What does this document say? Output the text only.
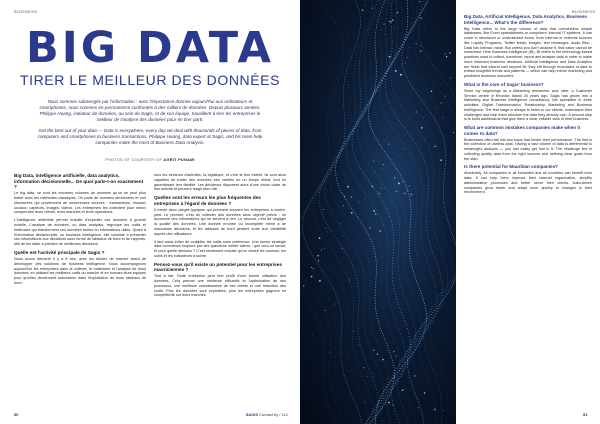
BUSINESS
BIG DATA
TIRER LE MEILLEUR DES DONNÉES

Nous sommes submergés par l'information : avec l'importance donnée aujourd'hui aux ordinateurs et smartphones, nous sommes en permanence confrontés à des milliers de données. Depuis plusieurs années, Philippe Huang, initiateur de données, au sein de Sagis, et de son équipe, travaillent à tirer les entreprises le meilleur de l'analyse des données pour en tirer parti.

Get the best out of your data — Data is everywhere; every day we deal with thousands of pieces of data, from computers and smartphones to business transactions. Philippe Huang, data expert at Sagis, and his team help companies make the most of Business Data Analysis.

PHOTOS OF COURTESY OF AGRIT PUNAMI
Big Data, intelligence artificielle, data analytics, information décisionnelle... De quoi parle-t-on exactement ?

Le big data, ce sont les énormes volumes de données qu'on ne peut plus traiter avec les méthodes classiques. On parle de données structurées et non structurées qui proviennent de nombreuses sources : transactions, réseaux sociaux, capteurs, images, vidéos. Les entreprises les collectent pour mieux comprendre leurs clients, leurs marchés et leurs opérations.

L'intelligence artificielle permet ensuite d'exploiter ces données à grande échelle. L'analyse de données, ou data analytics, regroupe les outils et méthodes qui transforment ces données brutes en informations utiles. Quant à l'information décisionnelle, ou business intelligence, elle consiste à présenter ces informations aux décideurs sous forme de tableaux de bord et de rapports, afin de les aider à prendre de meilleures décisions.

Quelle est l'activité principale de Sagis ?

Nous avons démarré il y a 8 ans, avec les études de marché avant de développer des solutions de business intelligence. Nous accompagnons aujourd'hui les entreprises dans la collecte, le traitement et l'analyse de leurs données, en utilisant les meilleurs outils du marché et en formant leurs équipes pour qu'elles deviennent autonomes dans l'exploitation de leurs tableaux de bord.

tous les secteurs d'activités, la logistique, et c'est là leur intérêt. Ils sont ainsi capables de traiter des données très variées en un temps réduit, tout en garantissant leur fiabilité. Les décideurs disposent alors d'une vision claire de leur activité et peuvent réagir plus vite.

Quelles sont les erreurs les plus fréquentes des entreprises à l'égard de données ?

Il existe deux pièges typiques qui prennent souvent les entreprises à contre-pied. Le premier, c'est de collecter des données sans objectif précis : on accumule des informations qui ne servent à rien. Le second, c'est de négliger la qualité des données. Une donnée erronée ou incomplète mène à de mauvaises décisions, et les tableaux de bord perdent toute leur crédibilité auprès des utilisateurs.

Il faut aussi éviter de multiplier les outils sans cohérence. Une bonne stratégie data commence toujours par des questions métier claires : que veut-on savoir, et pour quelle décision ? C'est seulement ensuite qu'on choisit les sources, les outils et les indicateurs à suivre.

Pensez-vous qu'il existe un potentiel pour les entreprises mauriciennes ?

Tout à fait. Toute entreprise peut tirer profit d'une bonne utilisation des données. Cela permet une meilleure efficacité et l'optimisation de ses processus, une meilleure connaissance de ses clients et une réduction des coûts. Plus les données sont exploitées, plus les entreprises gagnent en compétitivité sur leurs marchés.

50	SAGIS Contact by / 112
BUSINESS
Big Data, Artificial Intelligence, Data Analytics, Business Intelligence... What's the difference?

Big Data refers to the large volume of data that overwhelms simple databases, like Excel spreadsheets or computers' internal IT systems. It can come in structured or unstructured forms, from internal or external sources like Loyalty Programs, Twitter feeds, images, text messages, audio files... Data has intrinsic value. But unless you don't analyse it, that value cannot be unearthed. Here Business Intelligence (BI), BI refers to the technology-based practices used to collect, transform, report and analyse data in order to make more informed business decisions. Artificial Intelligence and Data Analytics are fields that extend well beyond BI: they sift through mountains of data to extract insightful trends and patterns — which can help inform marketing and predictive business outcomes.

What is the core of Sagis' business?

Since my beginnings as a Marketing researcher and, later, a Customer Service centre in Reunion Island 20 years ago, Sagis has grown into a Marketing and Business Intelligence consultancy. We specialise in three activities: Digital Transformation, Relationship Marketing and Business Intelligence. The first stage is always to listen to our clients, understand their challenges and help them structure the data they already own. A second step is to build dashboards that give them a clear, reliable view of their business.

What are common mistakes companies make when it comes to data?

Businesses often fall into two traps that hinder their performance. The first is the collection of useless data. Having a vast volume of data is detrimental to meaningful analysis — you can easily get lost in it. The challenge lies in collecting quality data from the right sources and defining clear goals from the start.

Is there potential for Mauritian companies?

Absolutely. All companies in all industries and all countries can benefit from data. It can help them improve their internal organisation, simplify administrative processes and better serve their clients. Data-driven companies grow faster and adapt more quickly to changes in their environment.

51
